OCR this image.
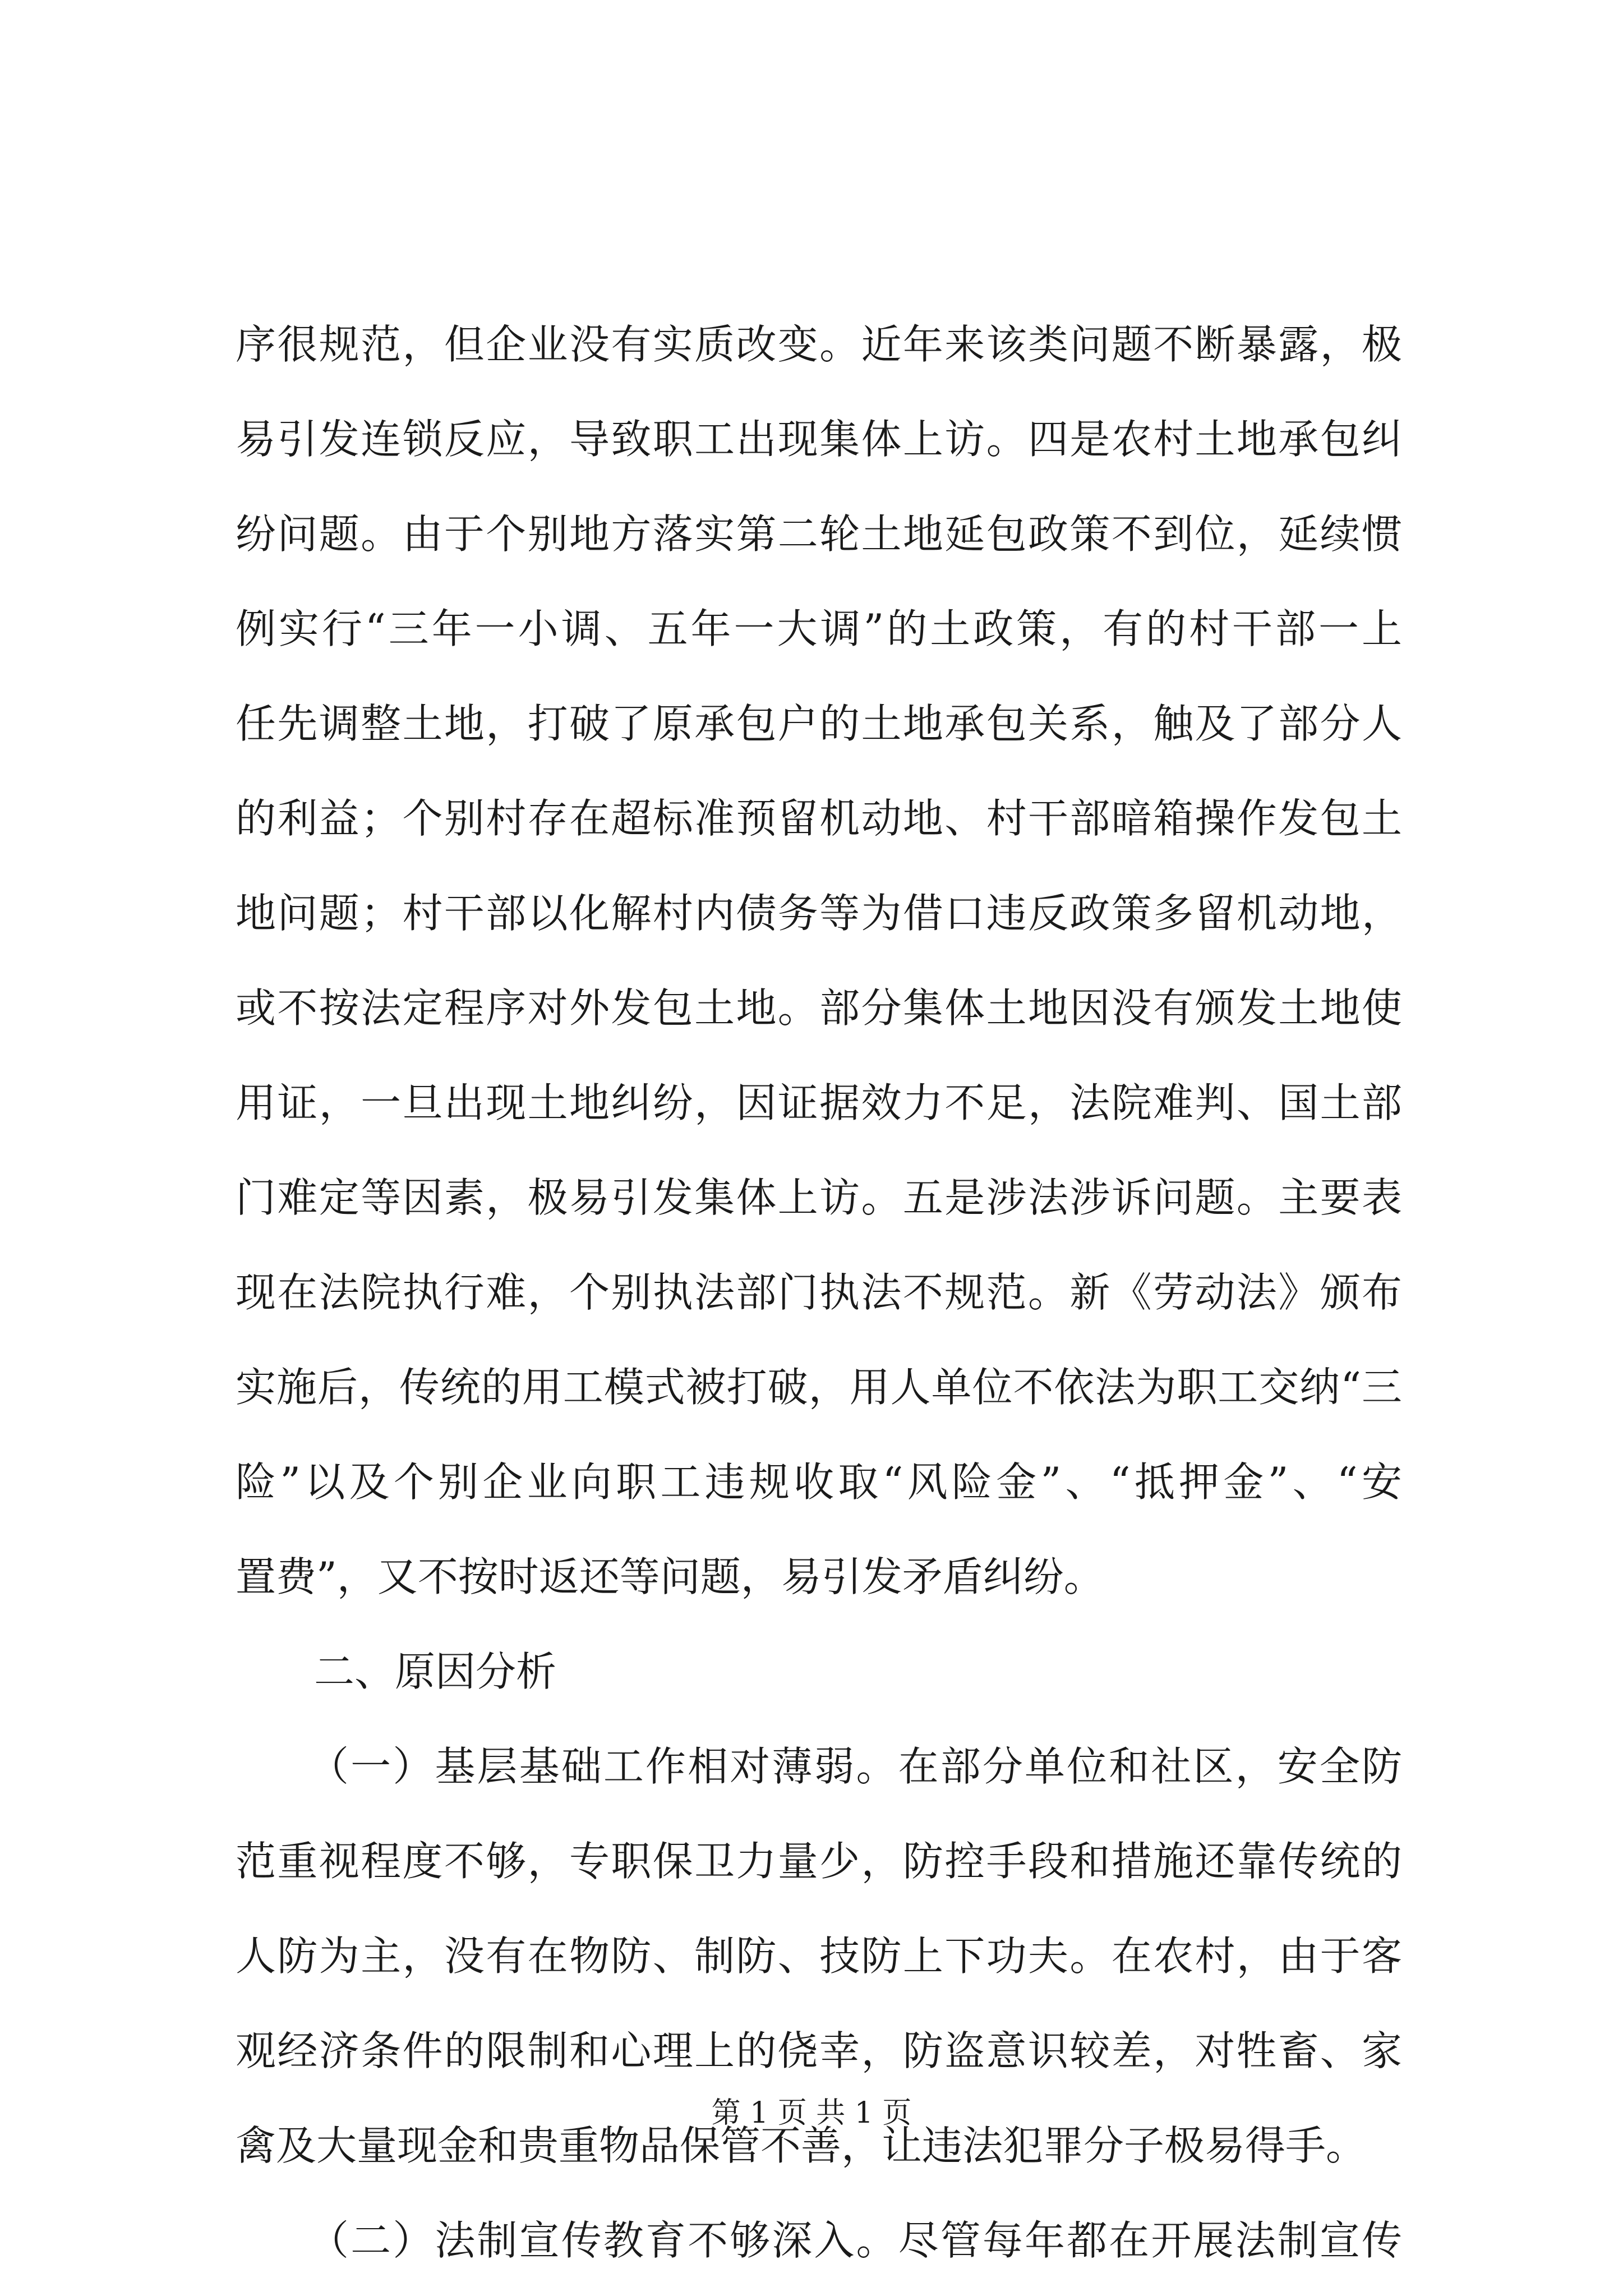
序很规范，但企业没有实质改变。近年来该类问题不断暴露，极
易引发连锁反应，导致职工出现集体上访。四是农村土地承包纠
纷问题。由于个别地方落实第二轮土地延包政策不到位，延续惯
例实行“三年一小调、五年一大调”的土政策，有的村干部一上
任先调整土地，打破了原承包户的土地承包关系，触及了部分人
的利益；个别村存在超标准预留机动地、村干部暗箱操作发包土
地问题；村干部以化解村内债务等为借口违反政策多留机动地，
或不按法定程序对外发包土地。部分集体土地因没有颁发土地使
用证，一旦出现土地纠纷，因证据效力不足，法院难判、国土部
门难定等因素，极易引发集体上访。五是涉法涉诉问题。主要表
现在法院执行难，个别执法部门执法不规范。新《劳动法》颁布
实施后，传统的用工模式被打破，用人单位不依法为职工交纳“三
险”以及个别企业向职工违规收取“风险金”、“抵押金”、“安
置费”，又不按时返还等问题，易引发矛盾纠纷。
二、原因分析
（一）基层基础工作相对薄弱。在部分单位和社区，安全防
范重视程度不够，专职保卫力量少，防控手段和措施还靠传统的
人防为主，没有在物防、制防、技防上下功夫。在农村，由于客
观经济条件的限制和心理上的侥幸，防盗意识较差，对牲畜、家
禽及大量现金和贵重物品保管不善，让违法犯罪分子极易得手。
（二）法制宣传教育不够深入。尽管每年都在开展法制宣传
第 1 页 共 1 页
